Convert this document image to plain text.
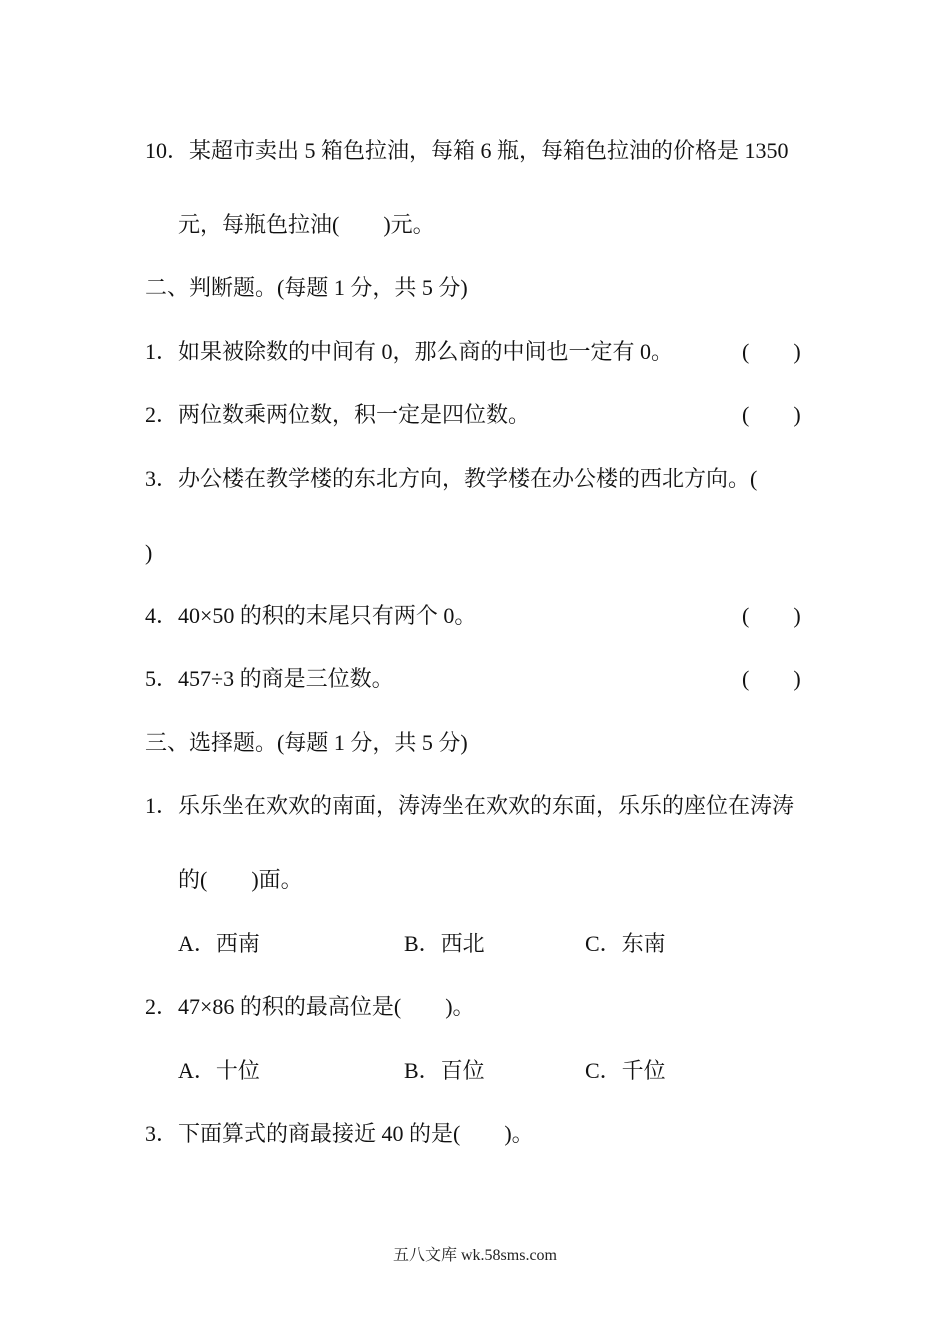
10．某超市卖出 5 箱色拉油，每箱 6 瓶，每箱色拉油的价格是 1350
元，每瓶色拉油(　　)元。
二、判断题。(每题 1 分，共 5 分)
1．如果被除数的中间有 0，那么商的中间也一定有 0。	(　　)
2．两位数乘两位数，积一定是四位数。	(　　)
3．办公楼在教学楼的东北方向，教学楼在办公楼的西北方向。(
)
4．40×50 的积的末尾只有两个 0。	(　　)
5．457÷3 的商是三位数。	(　　)
三、选择题。(每题 1 分，共 5 分)
1．乐乐坐在欢欢的南面，涛涛坐在欢欢的东面，乐乐的座位在涛涛
的(　　)面。
A．西南	B．西北	C．东南
2．47×86 的积的最高位是(　　)。
A．十位	B．百位	C．千位
3．下面算式的商最接近 40 的是(　　)。
五八文库 wk.58sms.com
